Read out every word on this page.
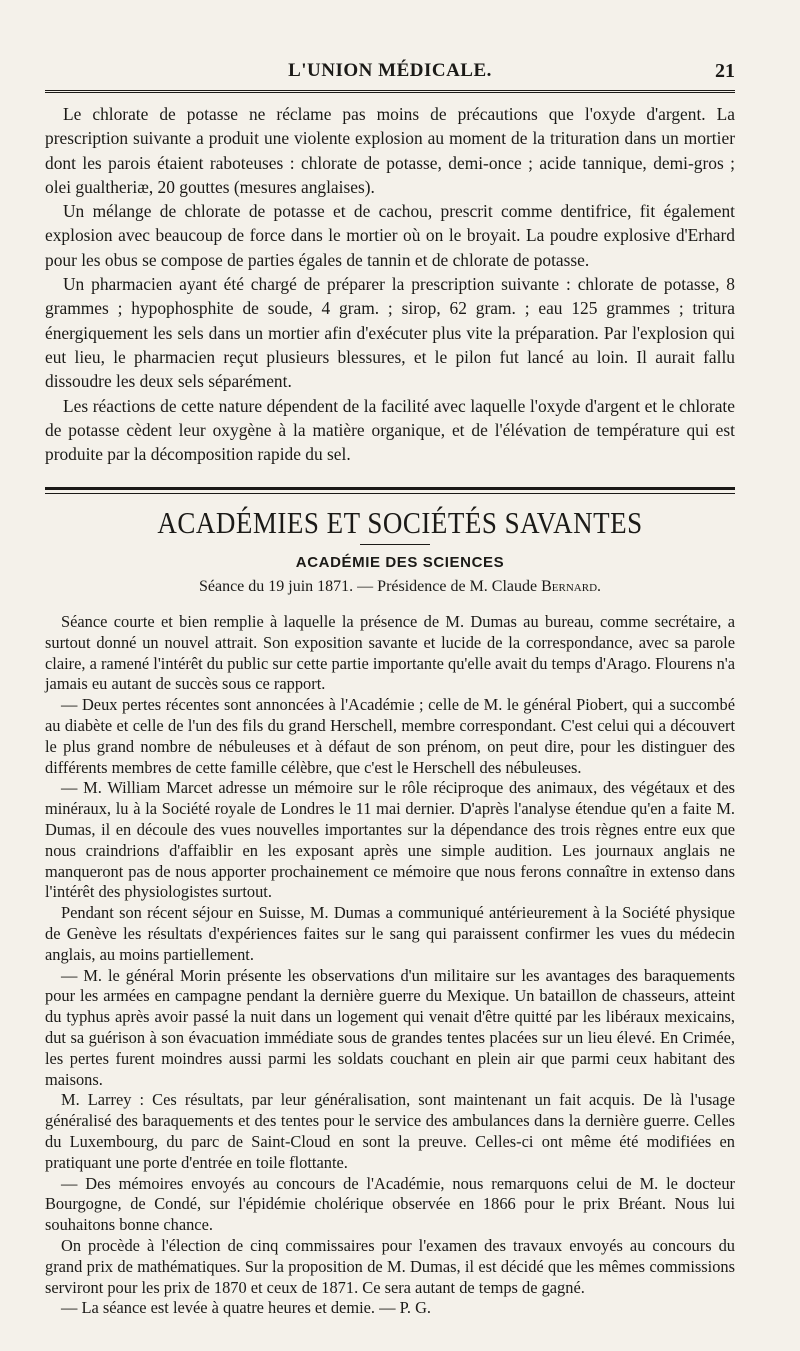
L'UNION MÉDICALE.	21

Le chlorate de potasse ne réclame pas moins de précautions que l'oxyde d'argent. La prescription suivante a produit une violente explosion au moment de la trituration dans un mortier dont les parois étaient raboteuses : chlorate de potasse, demi-once ; acide tannique, demi-gros ; olei gualtheriæ, 20 gouttes (mesures anglaises).

Un mélange de chlorate de potasse et de cachou, prescrit comme dentifrice, fit également explosion avec beaucoup de force dans le mortier où on le broyait. La poudre explosive d'Erhard pour les obus se compose de parties égales de tannin et de chlorate de potasse.

Un pharmacien ayant été chargé de préparer la prescription suivante : chlorate de potasse, 8 grammes ; hypophosphite de soude, 4 gram. ; sirop, 62 gram. ; eau 125 grammes ; tritura énergiquement les sels dans un mortier afin d'exécuter plus vite la préparation. Par l'explosion qui eut lieu, le pharmacien reçut plusieurs blessures, et le pilon fut lancé au loin. Il aurait fallu dissoudre les deux sels séparément.

Les réactions de cette nature dépendent de la facilité avec laquelle l'oxyde d'argent et le chlorate de potasse cèdent leur oxygène à la matière organique, et de l'élévation de température qui est produite par la décomposition rapide du sel.

ACADÉMIES ET SOCIÉTÉS SAVANTES
ACADÉMIE DES SCIENCES
Séance du 19 juin 1871. — Présidence de M. Claude Bernard.

Séance courte et bien remplie à laquelle la présence de M. Dumas au bureau, comme secrétaire, a surtout donné un nouvel attrait. Son exposition savante et lucide de la correspondance, avec sa parole claire, a ramené l'intérêt du public sur cette partie importante qu'elle avait du temps d'Arago. Flourens n'a jamais eu autant de succès sous ce rapport.

— Deux pertes récentes sont annoncées à l'Académie ; celle de M. le général Piobert, qui a succombé au diabète et celle de l'un des fils du grand Herschell, membre correspondant. C'est celui qui a découvert le plus grand nombre de nébuleuses et à défaut de son prénom, on peut dire, pour les distinguer des différents membres de cette famille célèbre, que c'est le Herschell des nébuleuses.

— M. William Marcet adresse un mémoire sur le rôle réciproque des animaux, des végétaux et des minéraux, lu à la Société royale de Londres le 11 mai dernier. D'après l'analyse étendue qu'en a faite M. Dumas, il en découle des vues nouvelles importantes sur la dépendance des trois règnes entre eux que nous craindrions d'affaiblir en les exposant après une simple audition. Les journaux anglais ne manqueront pas de nous apporter prochainement ce mémoire que nous ferons connaître in extenso dans l'intérêt des physiologistes surtout.

Pendant son récent séjour en Suisse, M. Dumas a communiqué antérieurement à la Société physique de Genève les résultats d'expériences faites sur le sang qui paraissent confirmer les vues du médecin anglais, au moins partiellement.

— M. le général Morin présente les observations d'un militaire sur les avantages des baraquements pour les armées en campagne pendant la dernière guerre du Mexique. Un bataillon de chasseurs, atteint du typhus après avoir passé la nuit dans un logement qui venait d'être quitté par les libéraux mexicains, dut sa guérison à son évacuation immédiate sous de grandes tentes placées sur un lieu élevé. En Crimée, les pertes furent moindres aussi parmi les soldats couchant en plein air que parmi ceux habitant des maisons.

M. Larrey : Ces résultats, par leur généralisation, sont maintenant un fait acquis. De là l'usage généralisé des baraquements et des tentes pour le service des ambulances dans la dernière guerre. Celles du Luxembourg, du parc de Saint-Cloud en sont la preuve. Celles-ci ont même été modifiées en pratiquant une porte d'entrée en toile flottante.

— Des mémoires envoyés au concours de l'Académie, nous remarquons celui de M. le docteur Bourgogne, de Condé, sur l'épidémie cholérique observée en 1866 pour le prix Bréant. Nous lui souhaitons bonne chance.

On procède à l'élection de cinq commissaires pour l'examen des travaux envoyés au concours du grand prix de mathématiques. Sur la proposition de M. Dumas, il est décidé que les mêmes commissions serviront pour les prix de 1870 et ceux de 1871. Ce sera autant de temps de gagné.

— La séance est levée à quatre heures et demie. — P. G.
